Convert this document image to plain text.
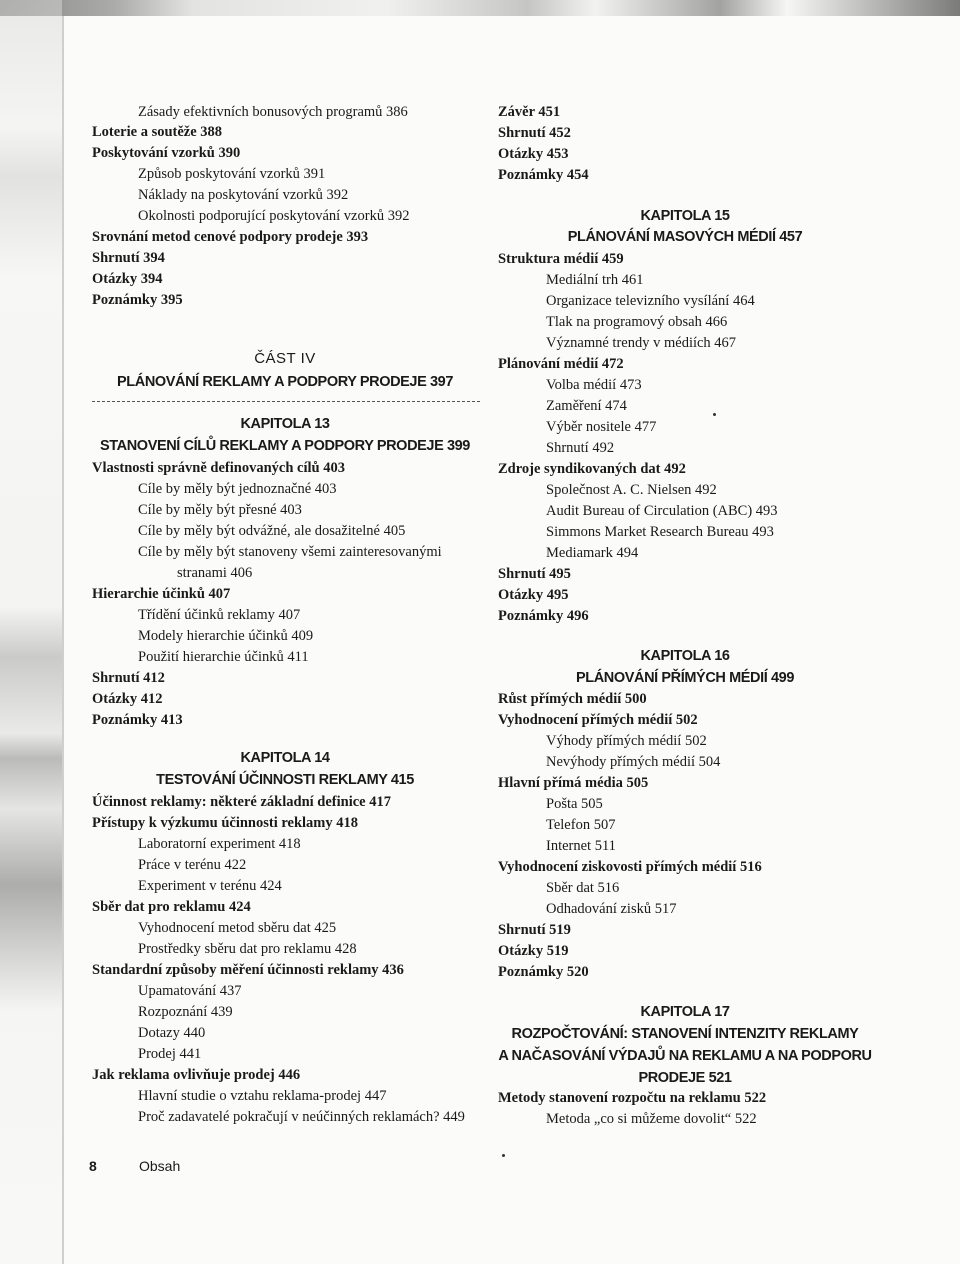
Zásady efektivních bonusových programů 386
Loterie a soutěže 388
Poskytování vzorků 390
Způsob poskytování vzorků 391
Náklady na poskytování vzorků 392
Okolnosti podporující poskytování vzorků 392
Srovnání metod cenové podpory prodeje 393
Shrnutí 394
Otázky 394
Poznámky 395
ČÁST IV
PLÁNOVÁNÍ REKLAMY A PODPORY PRODEJE 397
KAPITOLA 13
STANOVENÍ CÍLŮ REKLAMY A PODPORY PRODEJE 399
Vlastnosti správně definovaných cílů 403
Cíle by měly být jednoznačné 403
Cíle by měly být přesné 403
Cíle by měly být odvážné, ale dosažitelné 405
Cíle by měly být stanoveny všemi zainteresovanými
stranami 406
Hierarchie účinků 407
Třídění účinků reklamy 407
Modely hierarchie účinků 409
Použití hierarchie účinků 411
Shrnutí 412
Otázky 412
Poznámky 413
KAPITOLA 14
TESTOVÁNÍ ÚČINNOSTI REKLAMY 415
Účinnost reklamy: některé základní definice 417
Přístupy k výzkumu účinnosti reklamy 418
Laboratorní experiment 418
Práce v terénu 422
Experiment v terénu 424
Sběr dat pro reklamu 424
Vyhodnocení metod sběru dat 425
Prostředky sběru dat pro reklamu 428
Standardní způsoby měření účinnosti reklamy 436
Upamatování 437
Rozpoznání 439
Dotazy 440
Prodej 441
Jak reklama ovlivňuje prodej 446
Hlavní studie o vztahu reklama-prodej 447
Proč zadavatelé pokračují v neúčinných reklamách? 449
Závěr 451
Shrnutí 452
Otázky 453
Poznámky 454
KAPITOLA 15
PLÁNOVÁNÍ MASOVÝCH MÉDIÍ 457
Struktura médií 459
Mediální trh 461
Organizace televizního vysílání 464
Tlak na programový obsah 466
Významné trendy v médiích 467
Plánování médií 472
Volba médií 473
Zaměření 474
Výběr nositele 477
Shrnutí 492
Zdroje syndikovaných dat 492
Společnost A. C. Nielsen 492
Audit Bureau of Circulation (ABC) 493
Simmons Market Research Bureau 493
Mediamark 494
Shrnutí 495
Otázky 495
Poznámky 496
KAPITOLA 16
PLÁNOVÁNÍ PŘÍMÝCH MÉDIÍ 499
Růst přímých médií 500
Vyhodnocení přímých médií 502
Výhody přímých médií 502
Nevýhody přímých médií 504
Hlavní přímá média 505
Pošta 505
Telefon 507
Internet 511
Vyhodnocení ziskovosti přímých médií 516
Sběr dat 516
Odhadování zisků 517
Shrnutí 519
Otázky 519
Poznámky 520
KAPITOLA 17
ROZPOČTOVÁNÍ: STANOVENÍ INTENZITY REKLAMY
A NAČASOVÁNÍ VÝDAJŮ NA REKLAMU A NA PODPORU
PRODEJE 521
Metody stanovení rozpočtu na reklamu 522
Metoda „co si můžeme dovolit“ 522
8	Obsah
